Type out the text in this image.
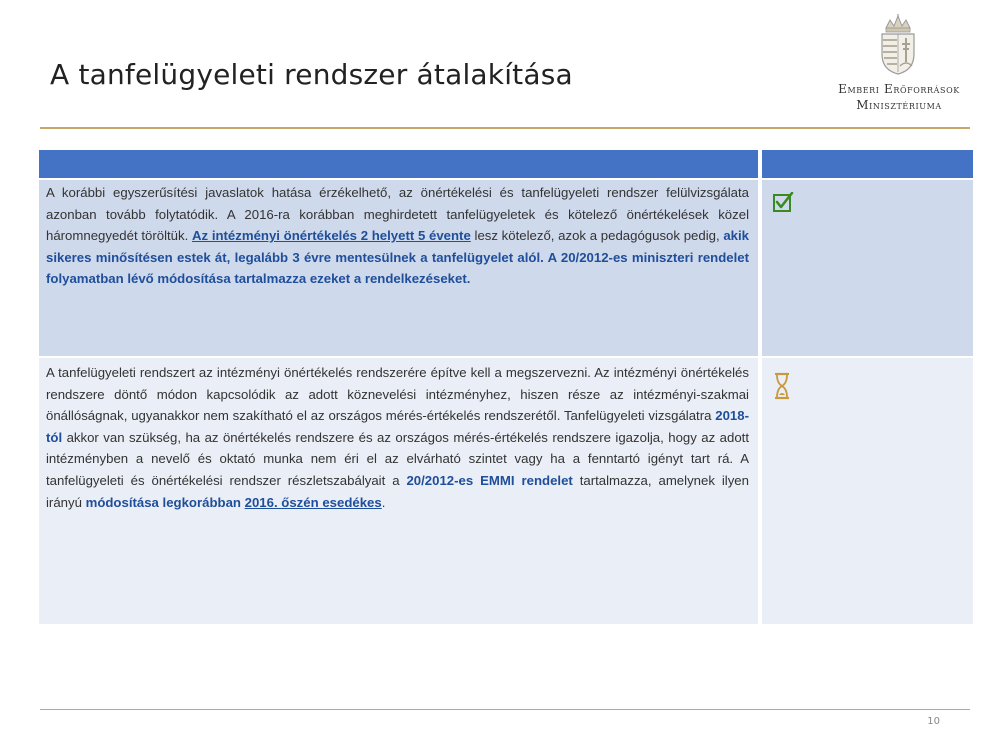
A tanfelügyeleti rendszer átalakítása	Emberi Erőforrások
Minisztériuma

A korábbi egyszerűsítési javaslatok hatása érzékelhető, az önértékelési és tanfelügyeleti rendszer felülvizsgálata azonban tovább folytatódik. A 2016-ra korábban meghirdetett tanfelügyeletek és kötelező önértékelések közel háromnegyedét töröltük. Az intézményi önértékelés 2 helyett 5 évente lesz kötelező, azok a pedagógusok pedig, akik sikeres minősítésen estek át, legalább 3 évre mentesülnek a tanfelügyelet alól. A 20/2012-es miniszteri rendelet folyamatban lévő módosítása tartalmazza ezeket a rendelkezéseket.

A tanfelügyeleti rendszert az intézményi önértékelés rendszerére építve kell a megszervezni. Az intézményi önértékelés rendszere döntő módon kapcsolódik az adott köznevelési intézményhez, hiszen része az intézményi-szakmai önállóságnak, ugyanakkor nem szakítható el az országos mérés-értékelés rendszerétől. Tanfelügyeleti vizsgálatra 2018-tól akkor van szükség, ha az önértékelés rendszere és az országos mérés-értékelés rendszere igazolja, hogy az adott intézményben a nevelő és oktató munka nem éri el az elvárható szintet vagy ha a fenntartó igényt tart rá. A tanfelügyeleti és önértékelési rendszer részletszabályait a 20/2012-es EMMI rendelet tartalmazza, amelynek ilyen irányú módosítása legkorábban 2016. őszén esedékes.

10
